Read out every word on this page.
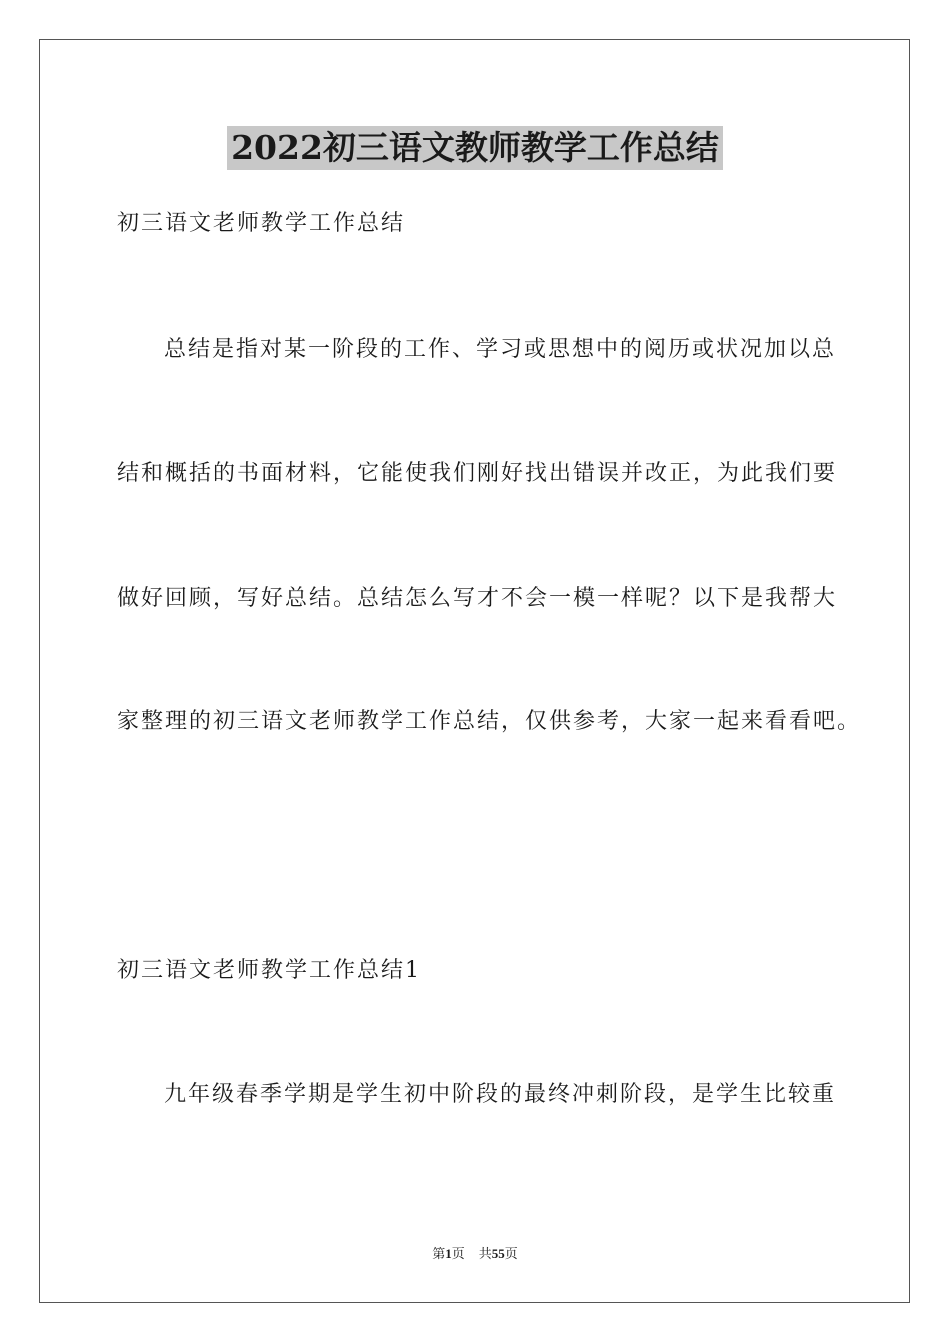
2022初三语文教师教学工作总结
初三语文老师教学工作总结
总结是指对某一阶段的工作、学习或思想中的阅历或状况加以总
结和概括的书面材料，它能使我们刚好找出错误并改正，为此我们要
做好回顾，写好总结。总结怎么写才不会一模一样呢？以下是我帮大
家整理的初三语文老师教学工作总结，仅供参考，大家一起来看看吧。
初三语文老师教学工作总结1
九年级春季学期是学生初中阶段的最终冲刺阶段，是学生比较重
第1页 共55页
